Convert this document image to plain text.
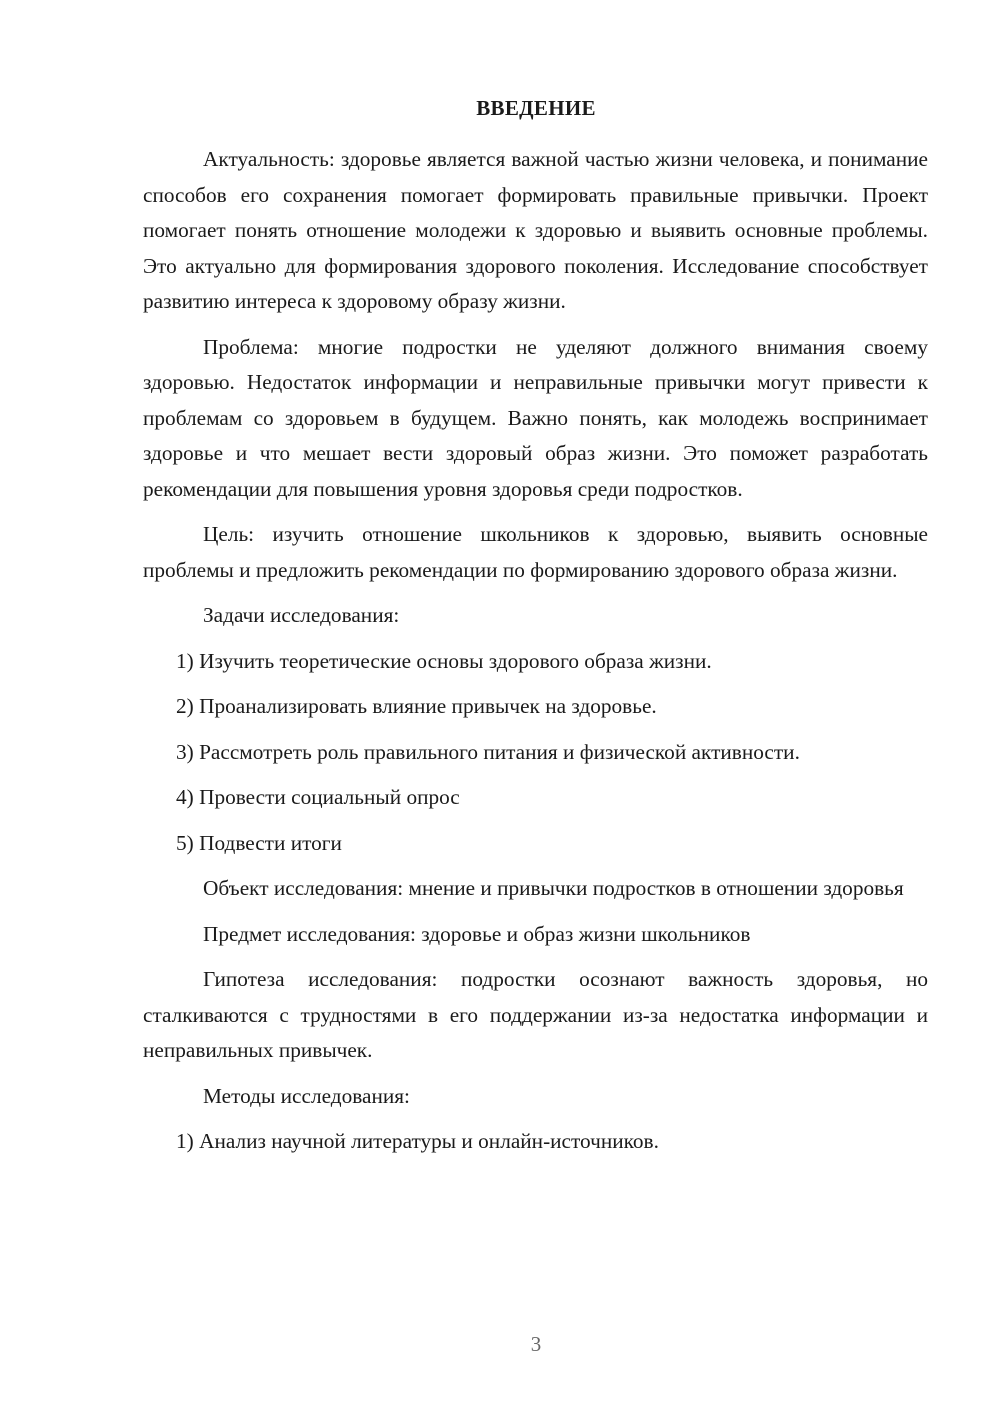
ВВЕДЕНИЕ

Актуальность: здоровье является важной частью жизни человека, и понимание способов его сохранения помогает формировать правильные привычки. Проект помогает понять отношение молодежи к здоровью и выявить основные проблемы. Это актуально для формирования здорового поколения. Исследование способствует развитию интереса к здоровому образу жизни.

Проблема: многие подростки не уделяют должного внимания своему здоровью. Недостаток информации и неправильные привычки могут привести к проблемам со здоровьем в будущем. Важно понять, как молодежь воспринимает здоровье и что мешает вести здоровый образ жизни. Это поможет разработать рекомендации для повышения уровня здоровья среди подростков.

Цель: изучить отношение школьников к здоровью, выявить основные проблемы и предложить рекомендации по формированию здорового образа жизни.

Задачи исследования:

1) Изучить теоретические основы здорового образа жизни.
2) Проанализировать влияние привычек на здоровье.
3) Рассмотреть роль правильного питания и физической активности.
4) Провести социальный опрос
5) Подвести итоги

Объект исследования: мнение и привычки подростков в отношении здоровья

Предмет исследования: здоровье и образ жизни школьников

Гипотеза исследования: подростки осознают важность здоровья, но сталкиваются с трудностями в его поддержании из-за недостатка информации и неправильных привычек.

Методы исследования:

1) Анализ научной литературы и онлайн-источников.
3
